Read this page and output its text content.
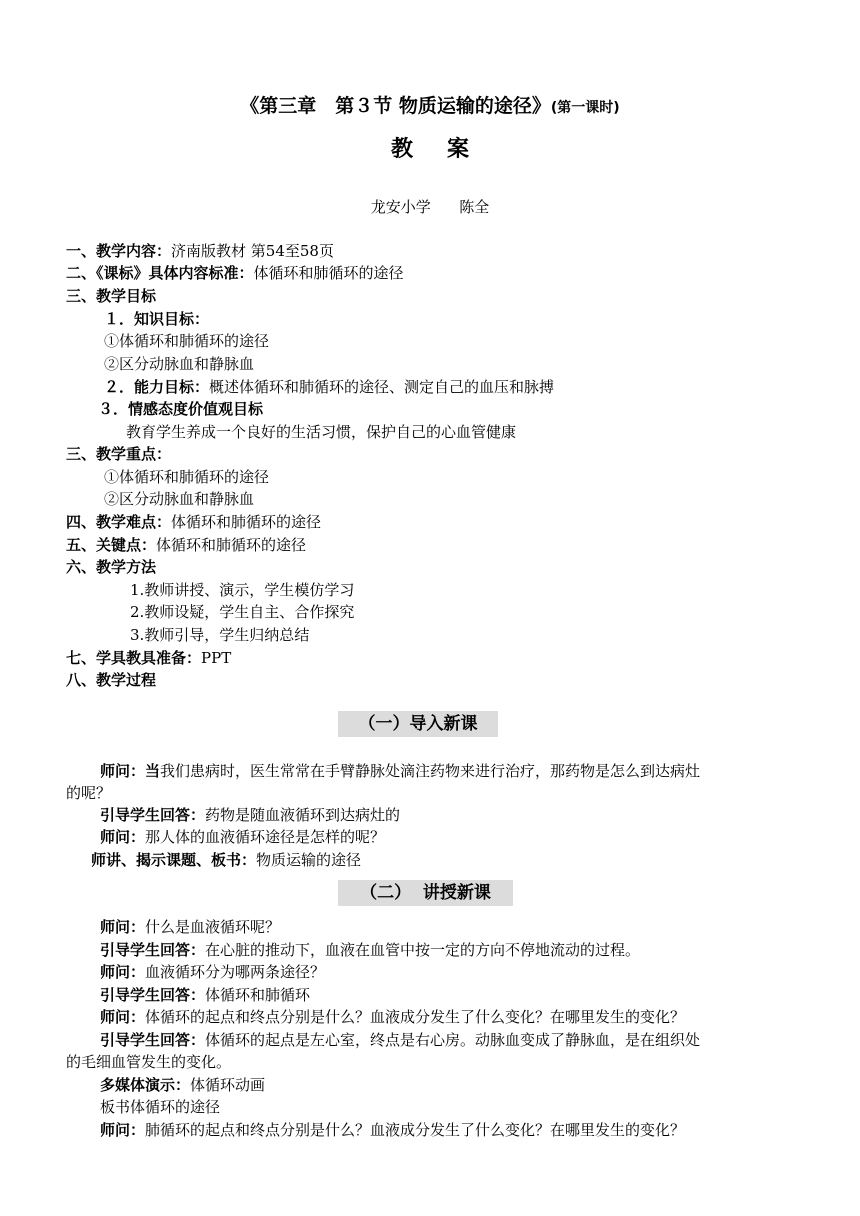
《第三章　第３节 物质运输的途径》(第一课时)
教案
龙安小学      陈全
一、教学内容：济南版教材 第54至58页
二、《课标》具体内容标准：体循环和肺循环的途径
三、教学目标
１．知识目标：
①体循环和肺循环的途径
②区分动脉血和静脉血
２．能力目标：概述体循环和肺循环的途径、测定自己的血压和脉搏
３．情感态度价值观目标
教育学生养成一个良好的生活习惯，保护自己的心血管健康
三、教学重点：
①体循环和肺循环的途径
②区分动脉血和静脉血
四、教学难点：体循环和肺循环的途径
五、关键点：体循环和肺循环的途径
六、教学方法
1.教师讲授、演示，学生模仿学习
2.教师设疑，学生自主、合作探究
3.教师引导，学生归纳总结
七、学具教具准备：PPT
八、教学过程
（一）导入新课
师问：当我们患病时，医生常常在手臂静脉处滴注药物来进行治疗，那药物是怎么到达病灶
的呢？
引导学生回答：药物是随血液循环到达病灶的
师问：那人体的血液循环途径是怎样的呢？
师讲、揭示课题、板书：物质运输的途径
（二）  讲授新课
师问：什么是血液循环呢？
引导学生回答：在心脏的推动下，血液在血管中按一定的方向不停地流动的过程。
师问：血液循环分为哪两条途径？
引导学生回答：体循环和肺循环
师问：体循环的起点和终点分别是什么？血液成分发生了什么变化？在哪里发生的变化？
引导学生回答：体循环的起点是左心室，终点是右心房。动脉血变成了静脉血，是在组织处
的毛细血管发生的变化。
多媒体演示：体循环动画
板书体循环的途径
师问：肺循环的起点和终点分别是什么？血液成分发生了什么变化？在哪里发生的变化？
